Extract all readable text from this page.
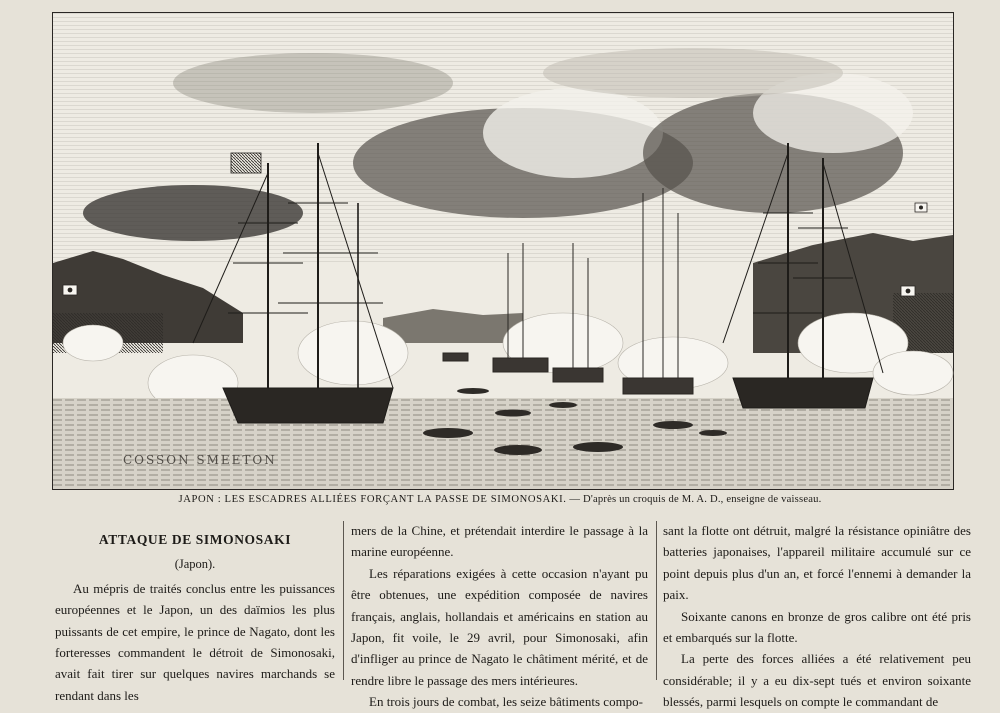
COSSON SMEETON
JAPON : LES ESCADRES ALLIÉES FORÇANT LA PASSE DE SIMONOSAKI. — D'après un croquis de M. A. D., enseigne de vaisseau.
ATTAQUE DE SIMONOSAKI
(Japon).

Au mépris de traités conclus entre les puissances européennes et le Japon, un des daïmios les plus puissants de cet empire, le prince de Nagato, dont les forteresses commandent le détroit de Simonosaki, avait fait tirer sur quelques navires marchands se rendant dans les

mers de la Chine, et prétendait interdire le passage à la marine européenne.

Les réparations exigées à cette occasion n'ayant pu être obtenues, une expédition composée de navires français, anglais, hollandais et américains en station au Japon, fit voile, le 29 avril, pour Simonosaki, afin d'infliger au prince de Nagato le châtiment mérité, et de rendre libre le passage des mers intérieures.

En trois jours de combat, les seize bâtiments compo-

sant la flotte ont détruit, malgré la résistance opiniâtre des batteries japonaises, l'appareil militaire accumulé sur ce point depuis plus d'un an, et forcé l'ennemi à demander la paix.

Soixante canons en bronze de gros calibre ont été pris et embarqués sur la flotte.

La perte des forces alliées a été relativement peu considérable; il y a eu dix-sept tués et environ soixante blessés, parmi lesquels on compte le commandant de
